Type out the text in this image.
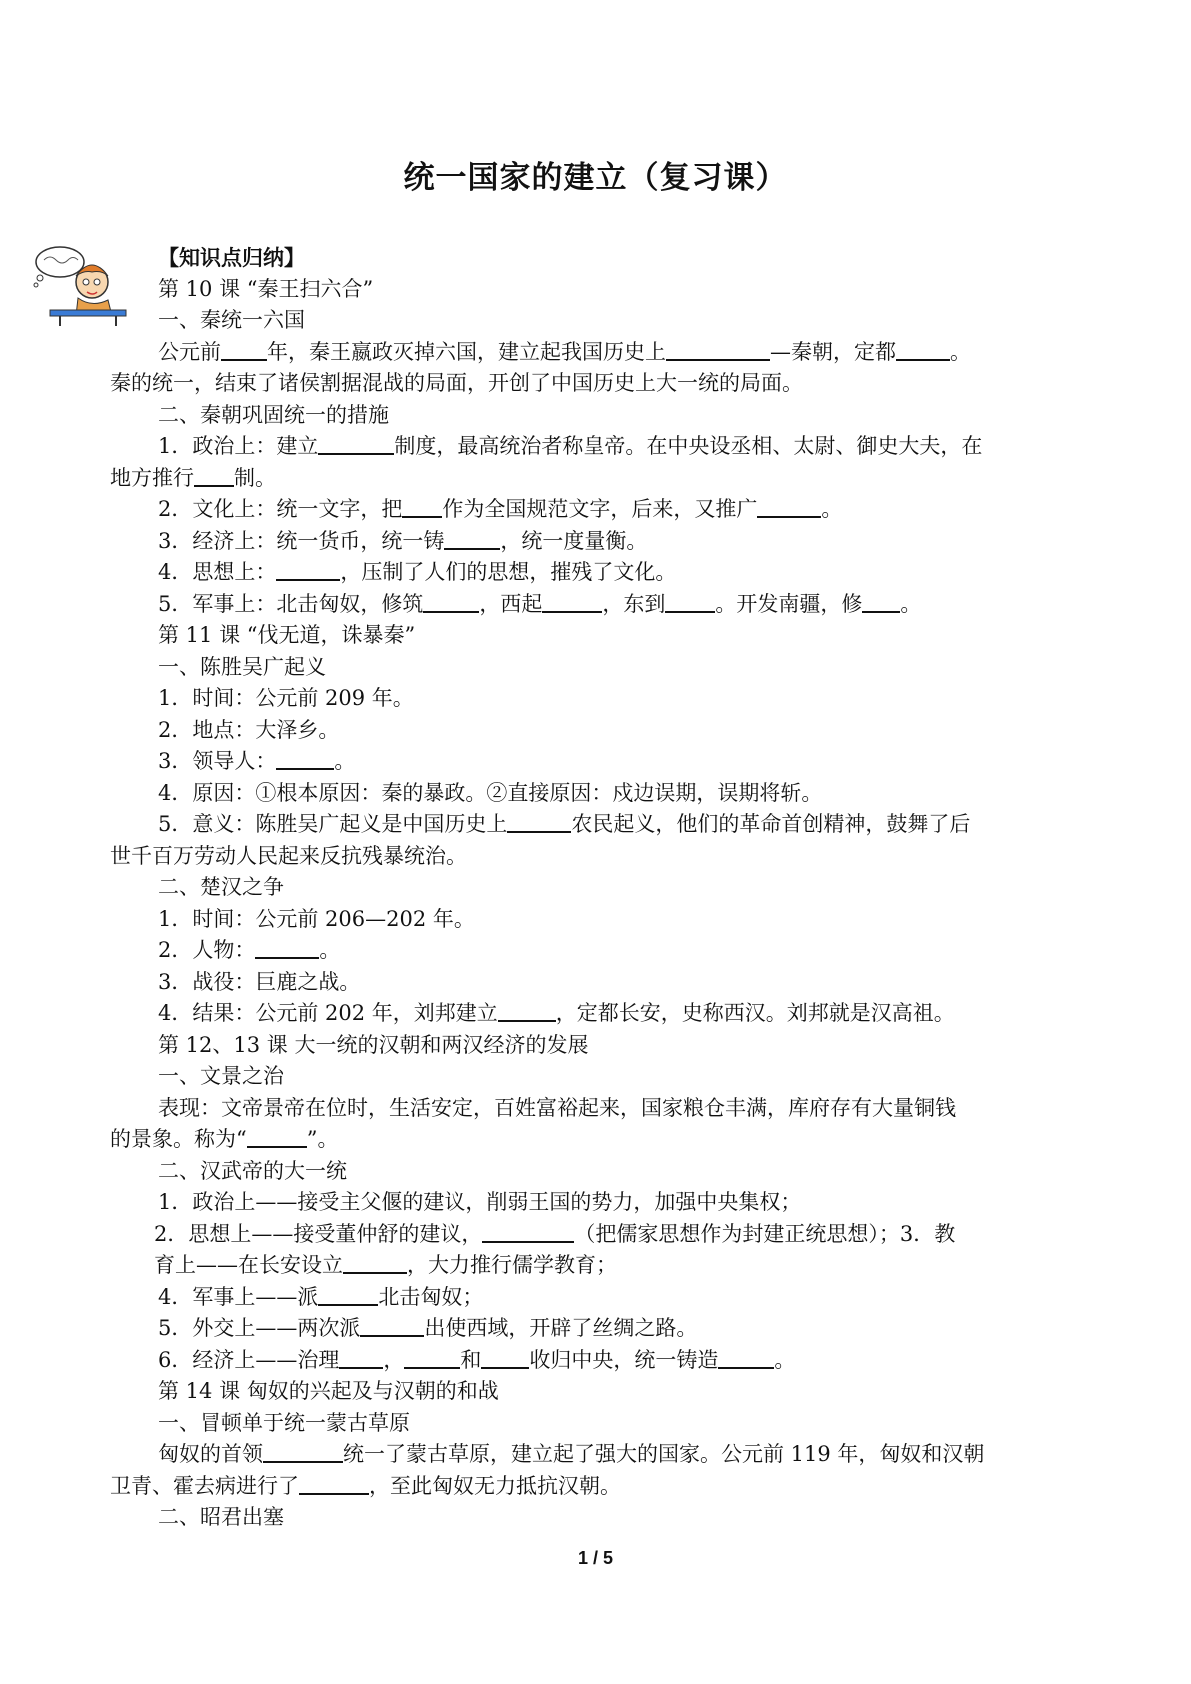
统一国家的建立（复习课）
【知识点归纳】
第 10 课 “秦王扫六合”
一、秦统一六国
公元前 年，秦王嬴政灭掉六国，建立起我国历史上	—秦朝，定都	。
秦的统一，结束了诸侯割据混战的局面，开创了中国历史上大一统的局面。
二、秦朝巩固统一的措施
1．政治上：建立	制度，最高统治者称皇帝。在中央设丞相、太尉、御史大夫，在
地方推行 制。
2．文化上：统一文字，把 作为全国规范文字，后来，又推广	。
3．经济上：统一货币，统一铸	，统一度量衡。
4．思想上：	，压制了人们的思想，摧残了文化。
5．军事上：北击匈奴，修筑	，西起	，东到 。开发南疆，修 。
第 11 课 “伐无道，诛暴秦”
一、陈胜吴广起义
1．时间：公元前 209 年。
2．地点：大泽乡。
3．领导人：	。
4．原因：①根本原因：秦的暴政。②直接原因：戍边误期，误期将斩。
5．意义：陈胜吴广起义是中国历史上	农民起义，他们的革命首创精神，鼓舞了后
世千百万劳动人民起来反抗残暴统治。
二、楚汉之争
1．时间：公元前 206—202 年。
2．人物：	。
3．战役：巨鹿之战。
4．结果：公元前 202 年，刘邦建立	，定都长安，史称西汉。刘邦就是汉高祖。
第 12、13 课 大一统的汉朝和两汉经济的发展
一、文景之治
表现：文帝景帝在位时，生活安定，百姓富裕起来，国家粮仓丰满，库府存有大量铜钱
的景象。称为“	”。
二、汉武帝的大一统
1．政治上——接受主父偃的建议，削弱王国的势力，加强中央集权；
2．思想上——接受董仲舒的建议，	（把儒家思想作为封建正统思想）；3．教
育上——在长安设立	，大力推行儒学教育；
4．军事上——派	北击匈奴；
5．外交上——两次派	出使西域，开辟了丝绸之路。
6．经济上——治理 ，	和 收归中央，统一铸造	。
第 14 课 匈奴的兴起及与汉朝的和战
一、冒顿单于统一蒙古草原
匈奴的首领	统一了蒙古草原，建立起了强大的国家。公元前 119 年，匈奴和汉朝
卫青、霍去病进行了	，至此匈奴无力抵抗汉朝。
二、昭君出塞
1 / 5
